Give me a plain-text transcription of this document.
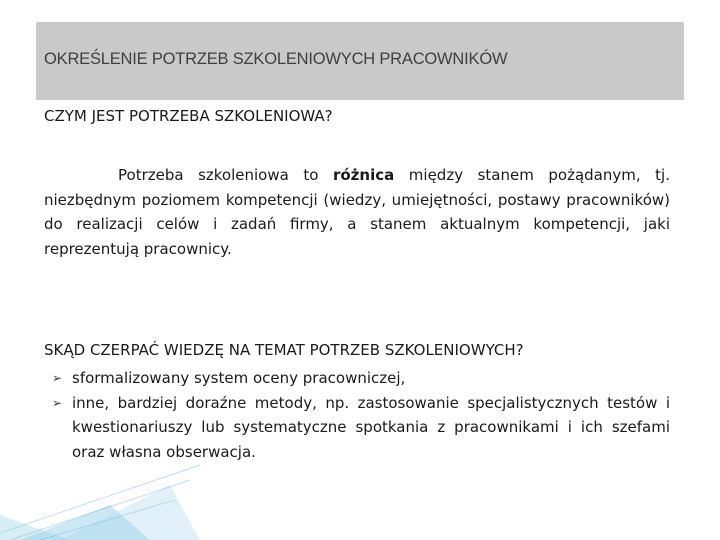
OKREŚLENIE POTRZEB SZKOLENIOWYCH PRACOWNIKÓW
CZYM JEST POTRZEBA SZKOLENIOWA?

Potrzeba szkoleniowa to różnica między stanem pożądanym, tj. niezbędnym poziomem kompetencji (wiedzy, umiejętności, postawy pracowników) do realizacji celów i zadań firmy, a stanem aktualnym kompetencji, jaki reprezentują pracownicy.

SKĄD CZERPAĆ WIEDZĘ NA TEMAT POTRZEB SZKOLENIOWYCH?
➢ sformalizowany system oceny pracowniczej,
➢ inne, bardziej doraźne metody, np. zastosowanie specjalistycznych testów i kwestionariuszy lub systematyczne spotkania z pracownikami i ich szefami oraz własna obserwacja.
